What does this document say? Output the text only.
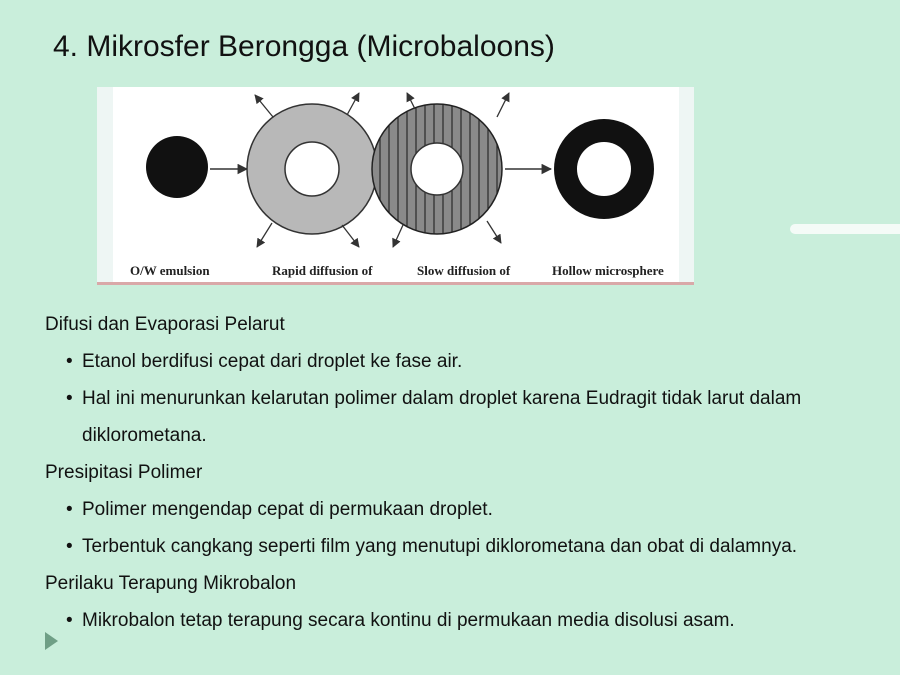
4. Mikrosfer Berongga (Microbaloons)
O/W emulsion	Rapid diffusion of	Slow diffusion of	Hollow microsphere

Difusi dan Evaporasi Pelarut

• Etanol berdifusi cepat dari droplet ke fase air.

• Hal ini menurunkan kelarutan polimer dalam droplet karena Eudragit tidak larut dalam diklorometana.

Presipitasi Polimer

• Polimer mengendap cepat di permukaan droplet.

• Terbentuk cangkang seperti film yang menutupi diklorometana dan obat di dalamnya.

Perilaku Terapung Mikrobalon

• Mikrobalon tetap terapung secara kontinu di permukaan media disolusi asam.
